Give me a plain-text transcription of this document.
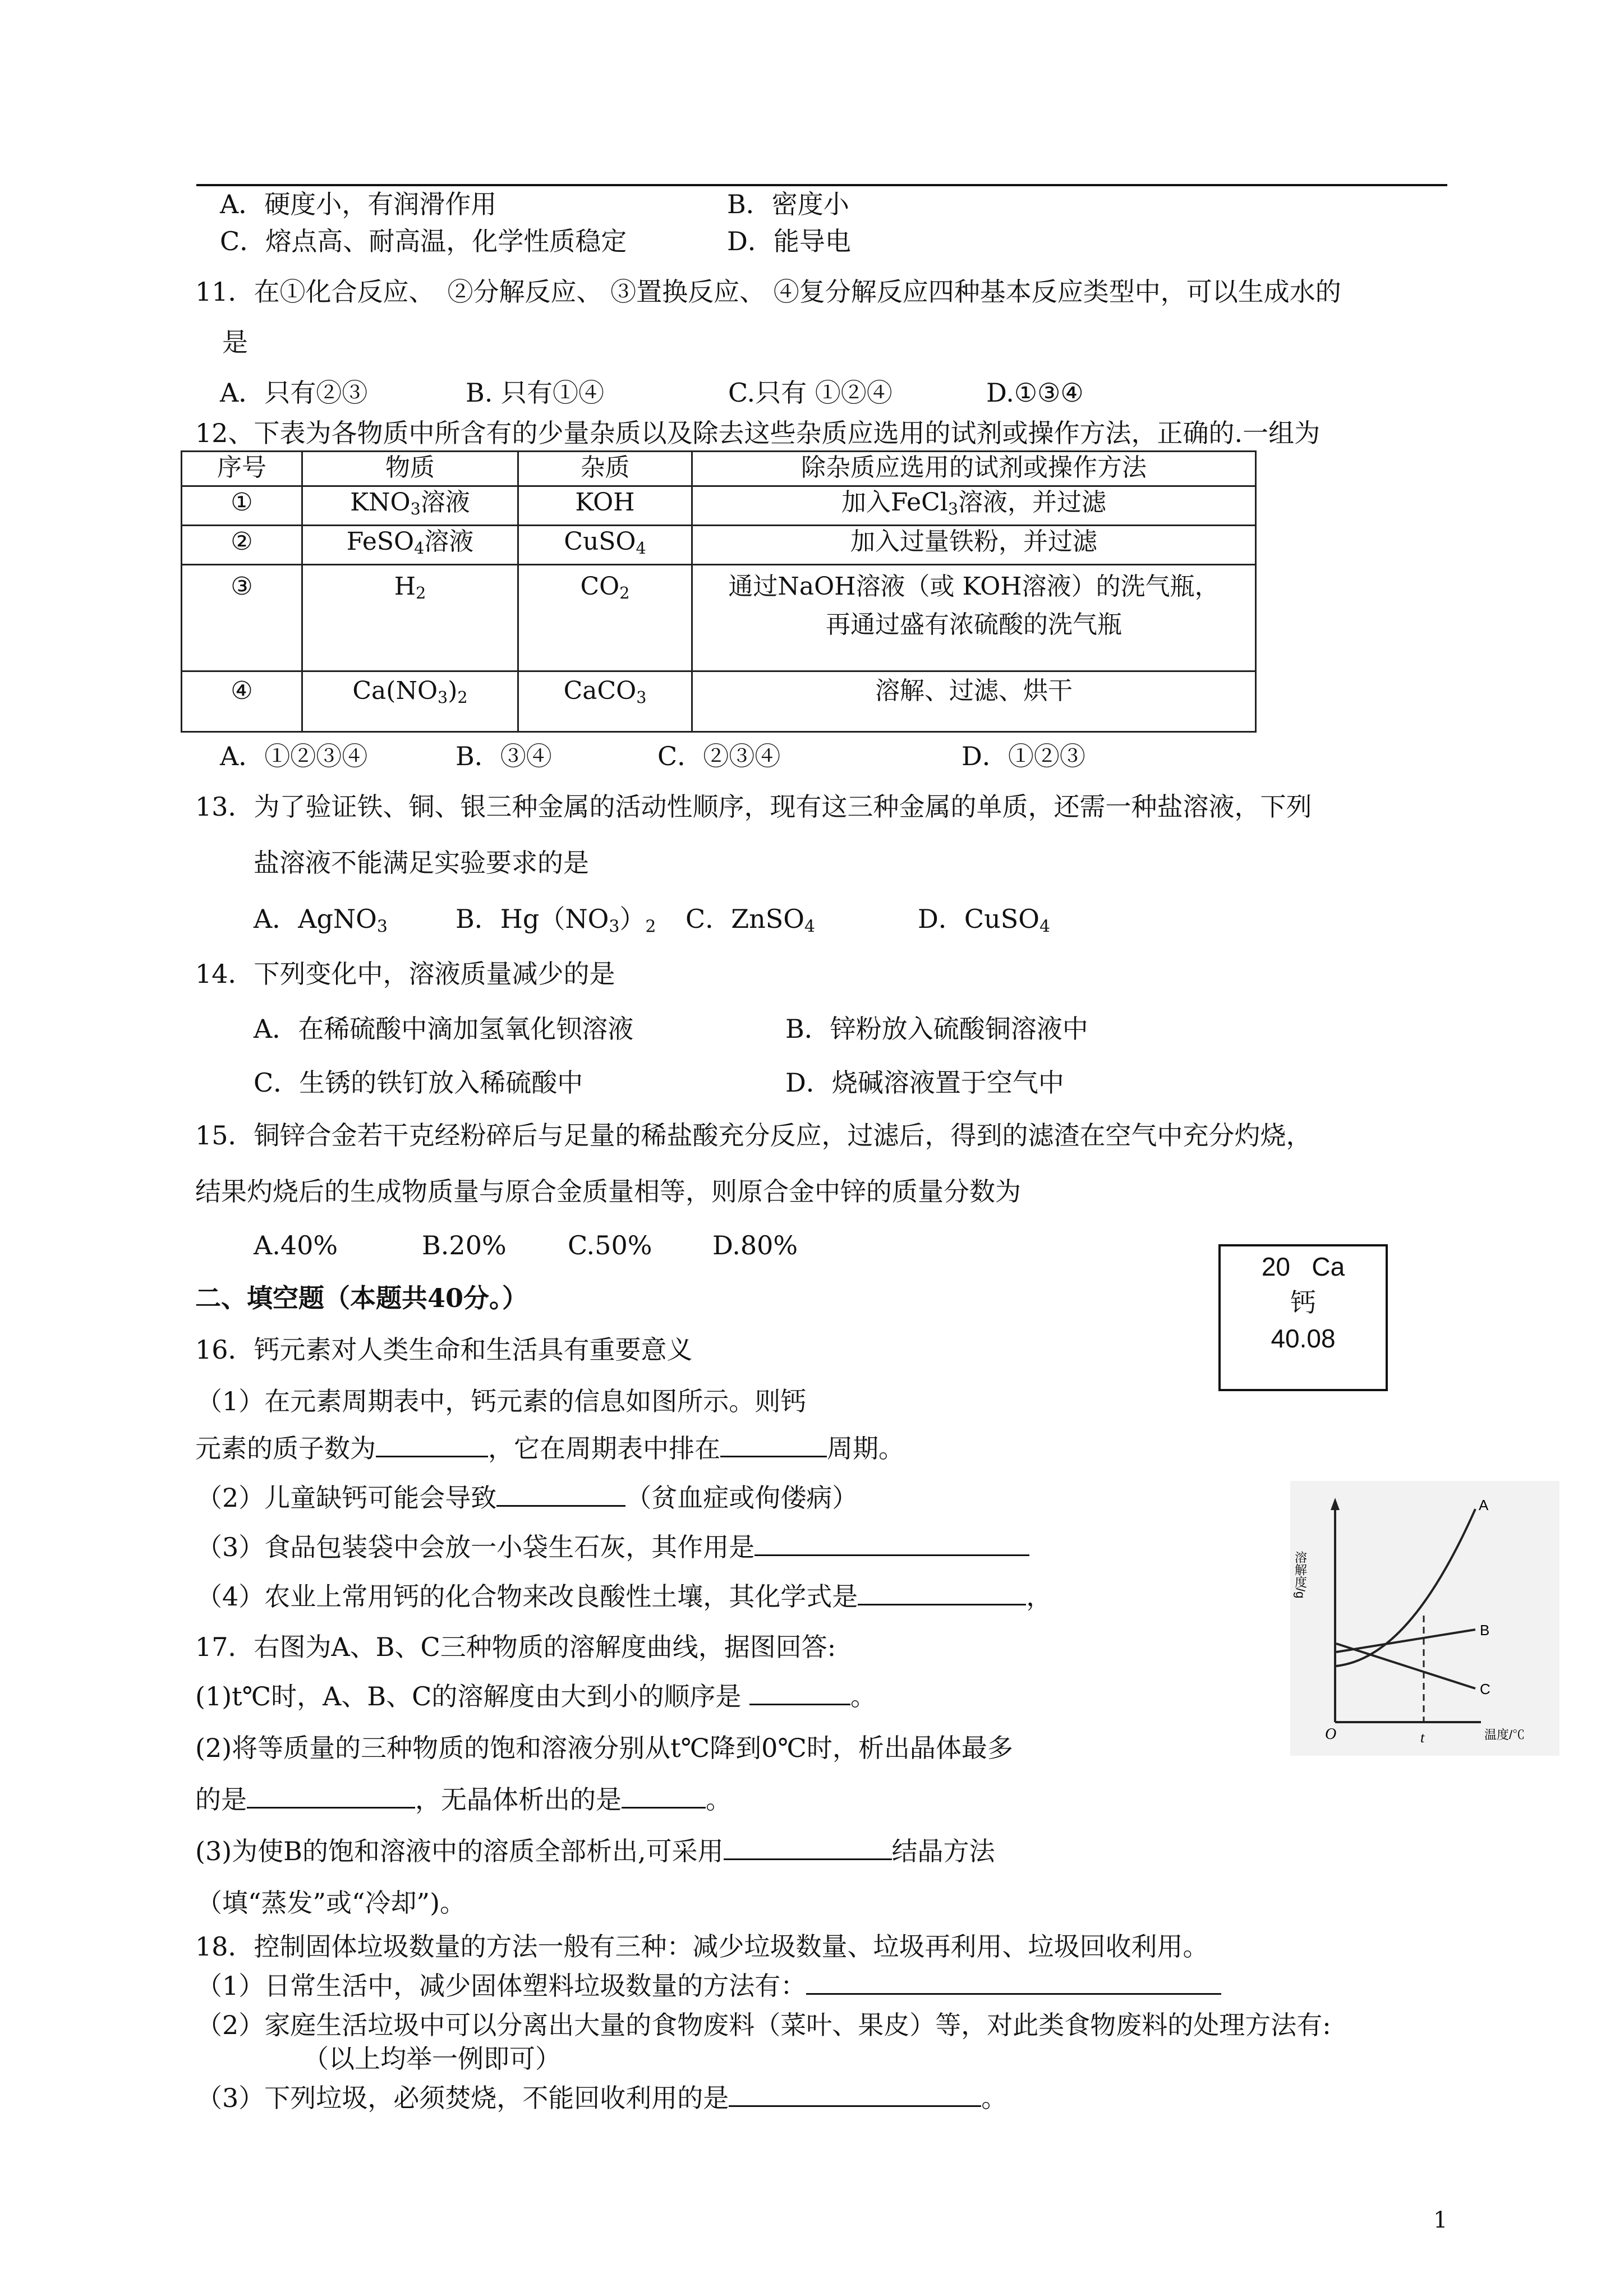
A．硬度小，有润滑作用	B．密度小
C．熔点高、耐高温，化学性质稳定	D．能导电
11．在①化合反应、　②分解反应、 ③置换反应、 ④复分解反应四种基本反应类型中，可以生成水的
是
A．只有②③	B. 只有①④	C.只有 ①②④	D.①③④
12、下表为各物质中所含有的少量杂质以及除去这些杂质应选用的试剂或操作方法，正确的.一组为
序号	物质	杂质	除杂质应选用的试剂或操作方法
①	$KNO_3$溶液	KOH	加入FeCl$_3$溶液，并过滤
②	FeSO$_4$溶液	CuSO$_4$	加入过量铁粉，并过滤
③	$H_2$	$CO_2$	通过NaOH溶液（或 KOH溶液）的洗气瓶，
再通过盛有浓硫酸的洗气瓶

④	$Ca(NO_3)_2$	CaCO$_3$	溶解、过滤、烘干
A．①②③④	B．③④	C．②③④	D．①②③
13．为了验证铁、铜、银三种金属的活动性顺序，现有这三种金属的单质，还需一种盐溶液，下列
盐溶液不能满足实验要求的是
A．AgNO$_3$	B．$Hg(NO_3)_2$ C．ZnSO$_4$	D．CuSO$_4$
14．下列变化中，溶液质量减少的是
A．在稀硫酸中滴加氢氧化钡溶液	B．锌粉放入硫酸铜溶液中
C．生锈的铁钉放入稀硫酸中	D．烧碱溶液置于空气中
15．铜锌合金若干克经粉碎后与足量的稀盐酸充分反应，过滤后，得到的滤渣在空气中充分灼烧，
结果灼烧后的生成物质量与原合金质量相等，则原合金中锌的质量分数为
A.40%	B.20% C.50% D.80%
二、填空题（本题共40分。）
20 Ca
钙
40.08
16．钙元素对人类生命和生活具有重要意义
（1）在元素周期表中，钙元素的信息如图所示。则钙
元素的质子数为	，它在周期表中排在	周期。
（2）儿童缺钙可能会导致	（贫血症或佝偻病）
（3）食品包装袋中会放一小袋生石灰，其作用是
（4）农业上常用钙的化合物来改良酸性土壤，其化学式是	，	溶解度/g
温度/℃
O	t
A
B
C
17．右图为A、B、C三种物质的溶解度曲线，据图回答:
(1)t℃时，A、B、C的溶解度由大到小的顺序是	。
(2)将等质量的三种物质的饱和溶液分别从t℃降到0℃时，析出晶体最多
的是	，无晶体析出的是	。
(3)为使B的饱和溶液中的溶质全部析出,可采用	结晶方法
（填“蒸发”或“冷却”)。
18．控制固体垃圾数量的方法一般有三种：减少垃圾数量、垃圾再利用、垃圾回收利用。
（1）日常生活中，减少固体塑料垃圾数量的方法有：
（2）家庭生活垃圾中可以分离出大量的食物废料（菜叶、果皮）等，对此类食物废料的处理方法有:
（以上均举一例即可）
（3）下列垃圾，必须焚烧，不能回收利用的是	。
1
